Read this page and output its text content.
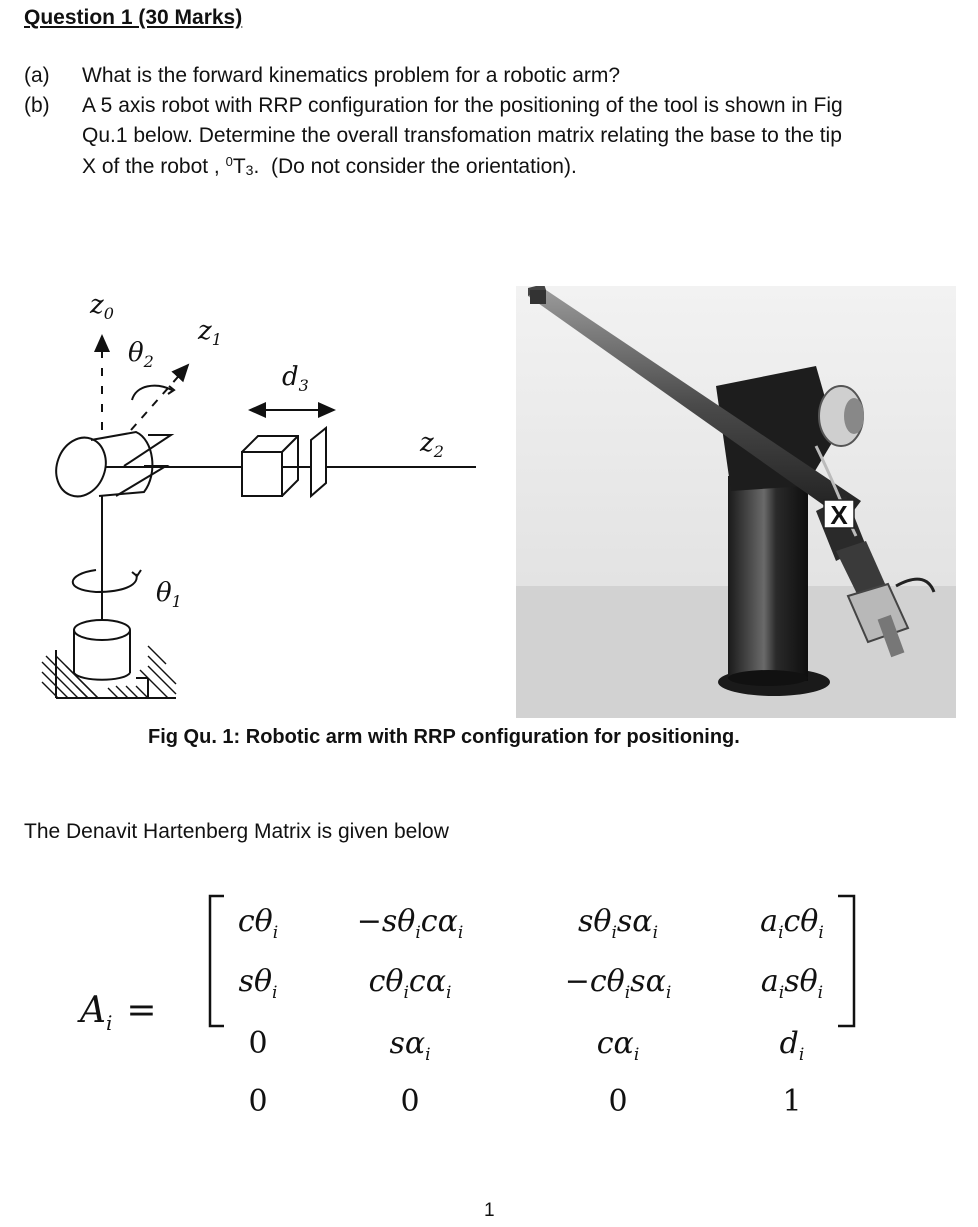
Question 1 (30 Marks)
(a) What is the forward kinematics problem for a robotic arm?
(b) A 5 axis robot with RRP configuration for the positioning of the tool is shown in Fig
Qu.1 below. Determine the overall transfomation matrix relating the base to the tip
X of the robot , $^0T_3$. (Do not consider the orientation).
$z_0$
$z_1$
$\theta_2$
$d_3$
$z_2$
$\theta_1$
X
Fig Qu. 1: Robotic arm with RRP configuration for positioning.
The Denavit Hartenberg Matrix is given below
$A_i$ =
$c\theta_i$	$-s\theta_ic\alpha_i$	$s\theta_is\alpha_i$	$a_ic\theta_i$
$s\theta_i$	$c\theta_ic\alpha_i$	$-c\theta_is\alpha_i$	$a_is\theta_i$
0	$s\alpha_i$	$c\alpha_i$	$d_i$
0	0	0	1
1
